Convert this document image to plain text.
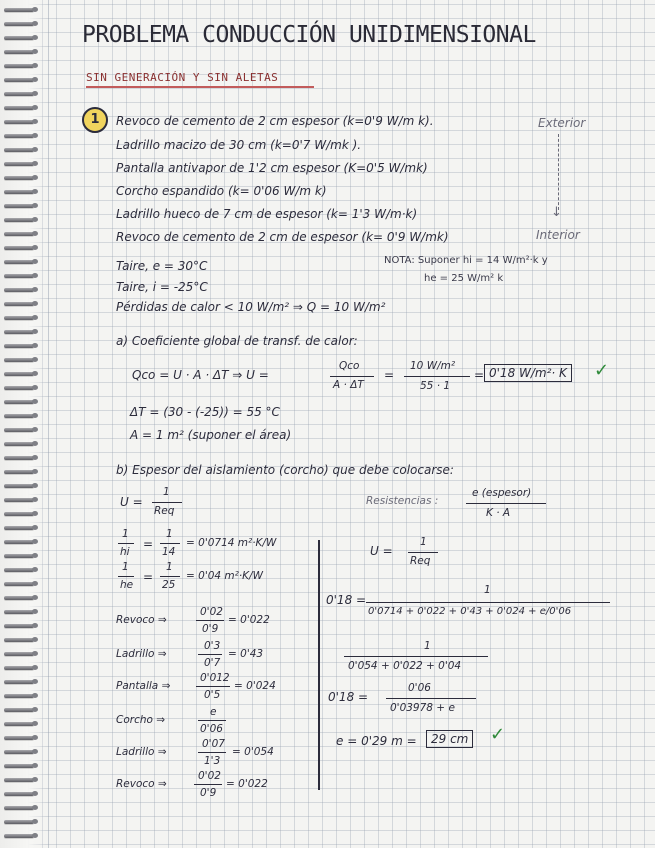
PROBLEMA CONDUCCIÓN UNIDIMENSIONAL
SIN GENERACIÓN Y SIN ALETAS
1	Revoco de cemento de 2 cm espesor (k=0'9 W/m k).
Ladrillo macizo de 30 cm (k=0'7 W/mk ).
Pantalla antivapor de 1'2 cm espesor (K=0'5 W/mk)
Corcho espandido (k= 0'06 W/m k)
Ladrillo hueco de 7 cm de espesor (k= 1'3 W/m·k)
Revoco de cemento de 2 cm de espesor (k= 0'9 W/mk)
Exterior
↓
Interior
Taire, e = 30°C
Taire, i = -25°C
Pérdidas de calor < 10 W/m² ⇒ Q = 10 W/m²
NOTA: Suponer hi = 14 W/m²·k y
he = 25 W/m² k
a) Coeficiente global de transf. de calor:
Qco = U · A · ΔT ⇒ U =
Qco
A · ΔT
=
10 W/m²
55 · 1
= 0'18 W/m²· K ✓
ΔT = (30 - (-25)) = 55 °C
A = 1 m² (suponer el área)
b) Espesor del aislamiento (corcho) que debe colocarse:
U =
1
Req
Resistencias :
e (espesor)
K · A
1
hi
=
1
14
= 0'0714 m²·K/W
1
he
=
1
25
= 0'04 m²·K/W
Revoco ⇒
0'02
0'9
= 0'022
Ladrillo ⇒
0'3
0'7
= 0'43
Pantalla ⇒
0'012
0'5
= 0'024
Corcho ⇒
e
0'06
Ladrillo ⇒
0'07
1'3
= 0'054
Revoco ⇒
0'02
0'9
= 0'022
U =
1
Req
0'18 =
1
0'0714 + 0'022 + 0'43 + 0'024 + e/0'06
1
0'054 + 0'022 + 0'04
0'18 =
0'06
0'03978 + e
e = 0'29 m =	29 cm ✓
